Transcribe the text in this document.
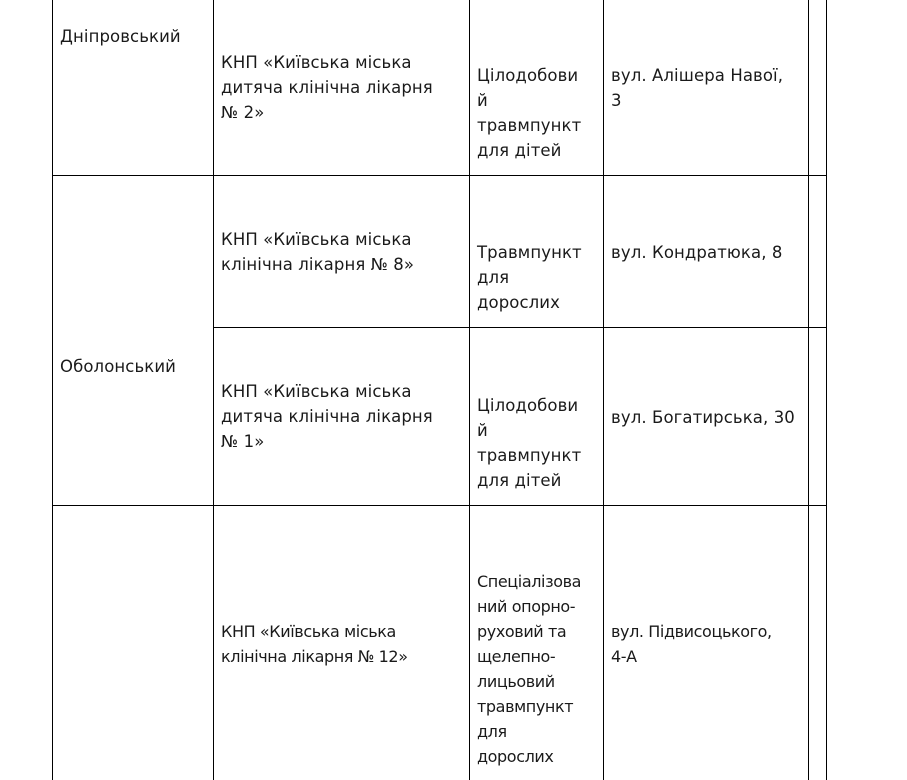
Дніпровський
КНП «Київська міська
дитяча клінічна лікарня
№ 2»
Цілодобови
й
травмпункт
для дітей
вул. Алішера Навої,
3
Оболонський
КНП «Київська міська
клінічна лікарня № 8»
Травмпункт
для
дорослих
вул. Кондратюка, 8
КНП «Київська міська
дитяча клінічна лікарня
№ 1»
Цілодобови
й
травмпункт
для дітей
вул. Богатирська, 30
КНП «Київська міська
клінічна лікарня № 12»
Спеціалізова
ний опорно-
руховий та
щелепно-
лицьовий
травмпункт
для
дорослих
вул. Підвисоцького,
4-А
